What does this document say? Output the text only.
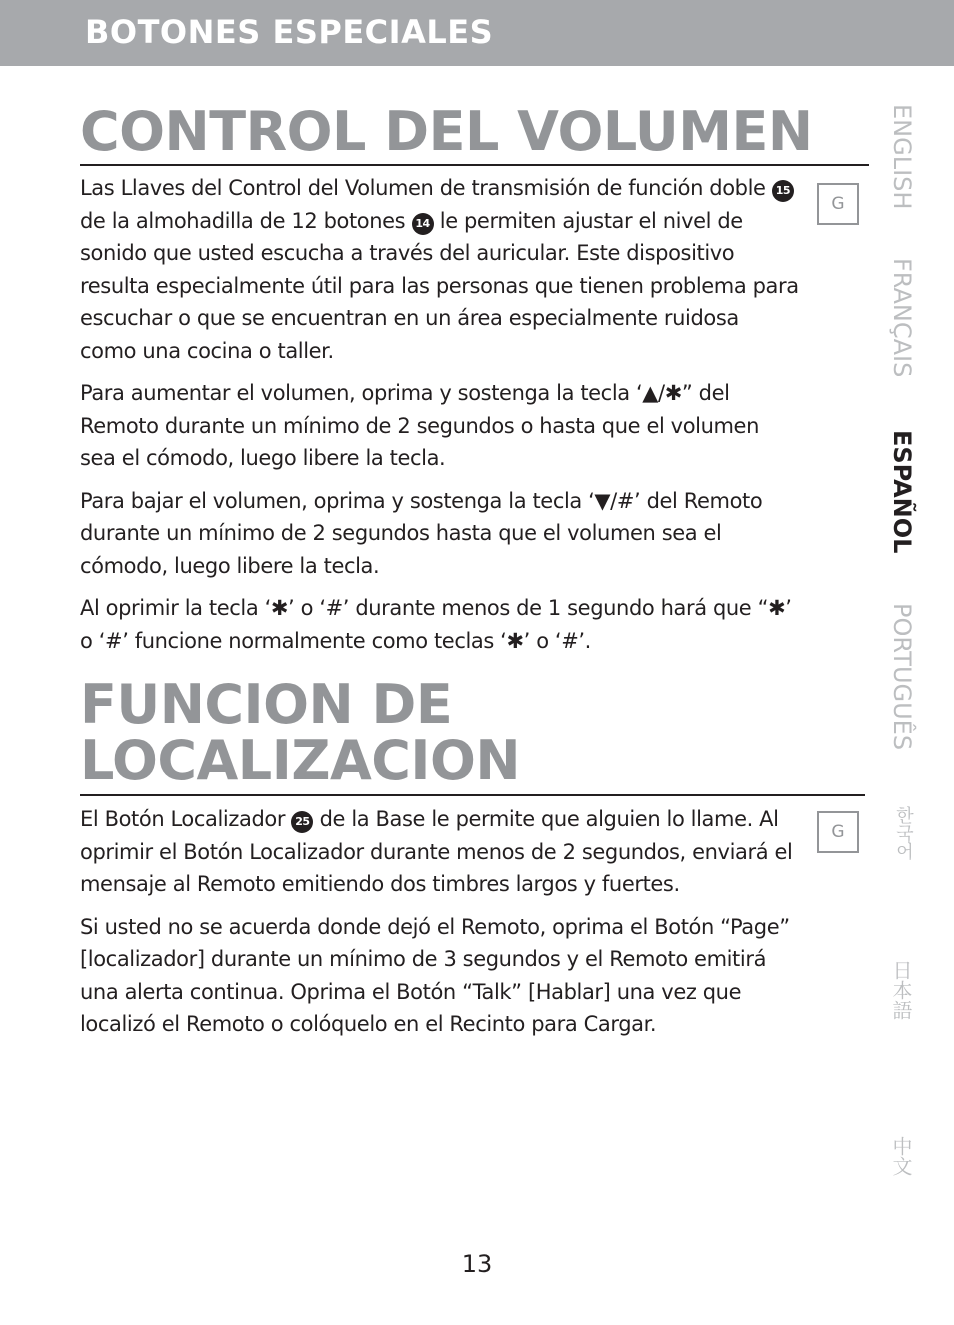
BOTONES ESPECIALES
CONTROL DEL VOLUMEN
G

Las Llaves del Control del Volumen de transmisión de función doble 15 de la almohadilla de 12 botones 14 le permiten ajustar el nivel de sonido que usted escucha a través del auricular. Este dispositivo resulta especialmente útil para las personas que tienen problema para escuchar o que se encuentran en un área especialmente ruidosa como una cocina o taller.

Para aumentar el volumen, oprima y sostenga la tecla ‘▲/✱” del Remoto durante un mínimo de 2 segundos o hasta que el volumen sea el cómodo, luego libere la tecla.

Para bajar el volumen, oprima y sostenga la tecla ‘▼/#’ del Remoto durante un mínimo de 2 segundos hasta que el volumen sea el cómodo, luego libere la tecla.

Al oprimir la tecla ‘✱’ o ‘#’ durante menos de 1 segundo hará que “✱’ o ‘#’ funcione normalmente como teclas ‘✱’ o ‘#’.

FUNCION DE
LOCALIZACION
G

El Botón Localizador 25 de la Base le permite que alguien lo llame. Al oprimir el Botón Localizador durante menos de 2 segundos, enviará el mensaje al Remoto emitiendo dos timbres largos y fuertes.

Si usted no se acuerda donde dejó el Remoto, oprima el Botón “Page” [localizador] durante un mínimo de 3 segundos y el Remoto emitirá una alerta continua. Oprima el Botón “Talk” [Hablar] una vez que localizó el Remoto o colóquelo en el Recinto para Cargar.

ENGLISH
FRANÇAIS
ESPAÑOL
PORTUGUÊS
한국어
日本語
中文
13
